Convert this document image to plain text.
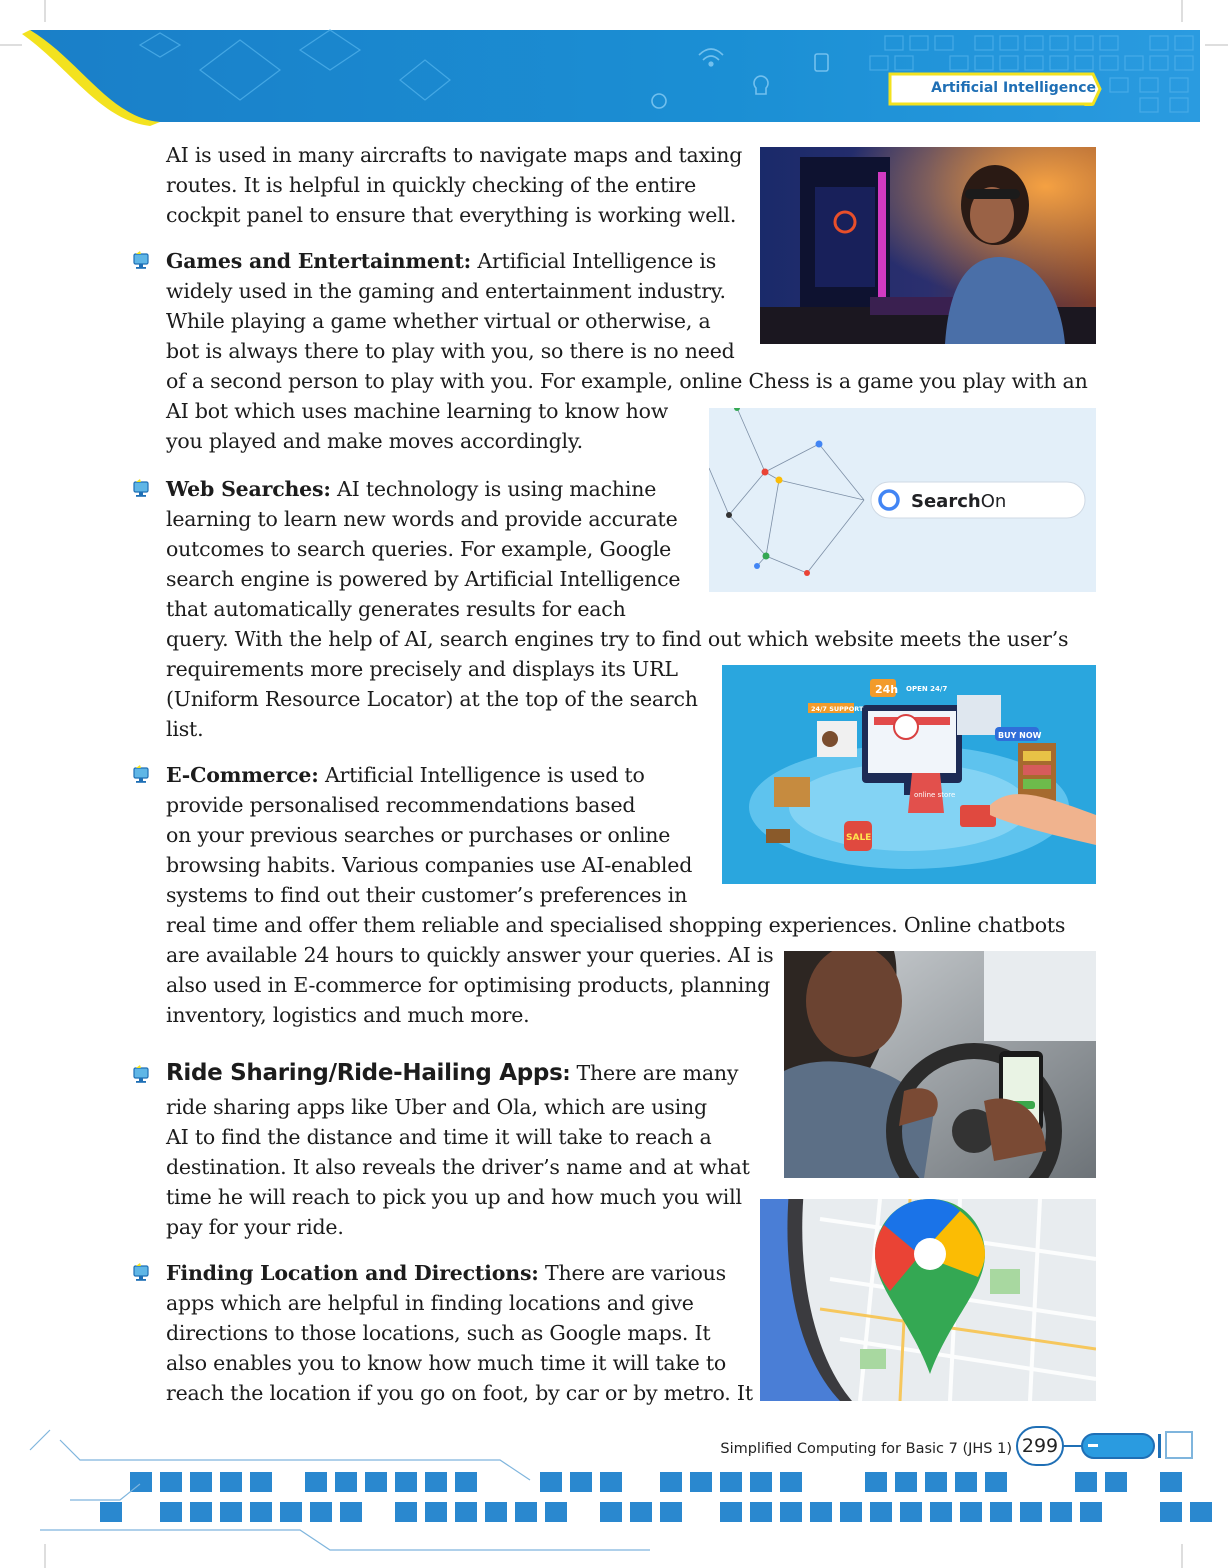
Artificial Intelligence
AI is used in many aircrafts to navigate maps and taxing
routes. It is helpful in quickly checking of the entire
cockpit panel to ensure that everything is working well.
Games and Entertainment: Artificial Intelligence is
widely used in the gaming and entertainment industry.
While playing a game whether virtual or otherwise, a
bot is always there to play with you, so there is no need
of a second person to play with you. For example, online Chess is a game you play with an
AI bot which uses machine learning to know how
you played and make moves accordingly.
Web Searches: AI technology is using machine
learning to learn new words and provide accurate
outcomes to search queries. For example, Google
search engine is powered by Artificial Intelligence
that automatically generates results for each
query. With the help of AI, search engines try to find out which website meets the user’s
requirements more precisely and displays its URL
(Uniform Resource Locator) at the top of the search
list.
E-Commerce: Artificial Intelligence is used to
provide personalised recommendations based
on your previous searches or purchases or online
browsing habits. Various companies use AI-enabled
systems to find out their customer’s preferences in
real time and offer them reliable and specialised shopping experiences. Online chatbots
are available 24 hours to quickly answer your queries. AI is
also used in E-commerce for optimising products, planning
inventory, logistics and much more.
Ride Sharing/Ride-Hailing Apps: There are many
ride sharing apps like Uber and Ola, which are using
AI to find the distance and time it will take to reach a
destination. It also reveals the driver’s name and at what
time he will reach to pick you up and how much you will
pay for your ride.
Finding Location and Directions: There are various
apps which are helpful in finding locations and give
directions to those locations, such as Google maps. It
also enables you to know how much time it will take to
reach the location if you go on foot, by car or by metro. It
SearchOn
24h OPEN 24/7
24/7 SUPPORT
BUY NOW
online store
SALE
Simplified Computing for Basic 7 (JHS 1) 299
